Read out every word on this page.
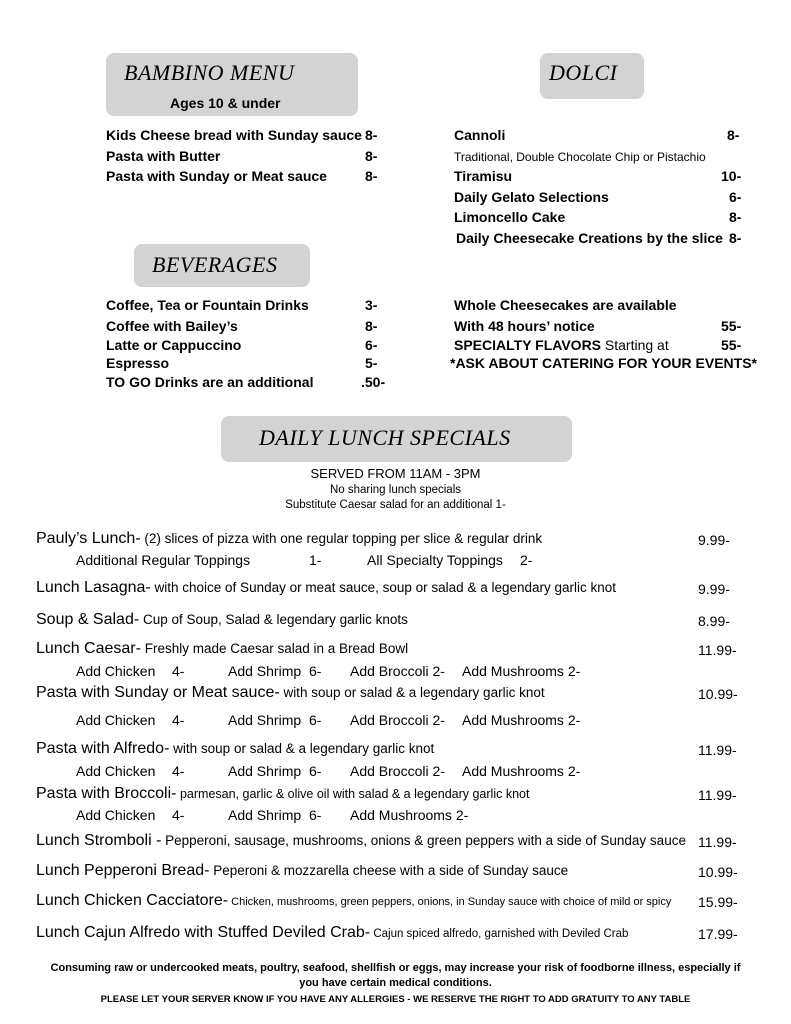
BAMBINO MENU
Ages 10 & under
Kids Cheese bread with Sunday sauce 8-
Pasta with Butter	8-
Pasta with Sunday or Meat sauce	8-
DOLCI
Cannoli	8-
Traditional, Double Chocolate Chip or Pistachio
Tiramisu	10-
Daily Gelato Selections	6-
Limoncello Cake	8-
Daily Cheesecake Creations by the slice 8-
BEVERAGES
Coffee, Tea or Fountain Drinks	3-
Coffee with Bailey’s	8-
Latte or Cappuccino	6-
Espresso	5-
TO GO Drinks are an additional	.50-
Whole Cheesecakes are available
With 48 hours’ notice	55-
SPECIALTY FLAVORS Starting at	55-
*ASK ABOUT CATERING FOR YOUR EVENTS*
DAILY LUNCH SPECIALS
SERVED FROM 11AM - 3PM
No sharing lunch specials
Substitute Caesar salad for an additional 1-
Pauly’s Lunch- (2) slices of pizza with one regular topping per slice & regular drink	9.99-
Additional Regular Toppings	1-	All Specialty Toppings 2-
Lunch Lasagna- with choice of Sunday or meat sauce, soup or salad & a legendary garlic knot	9.99-
Soup & Salad- Cup of Soup, Salad & legendary garlic knots	8.99-
Lunch Caesar- Freshly made Caesar salad in a Bread Bowl	11.99-
Add Chicken 4-	Add Shrimp 6- Add Broccoli 2- Add Mushrooms 2-
Pasta with Sunday or Meat sauce- with soup or salad & a legendary garlic knot	10.99-
Add Chicken 4-	Add Shrimp 6- Add Broccoli 2- Add Mushrooms 2-
Pasta with Alfredo- with soup or salad & a legendary garlic knot	11.99-
Add Chicken 4-	Add Shrimp 6- Add Broccoli 2- Add Mushrooms 2-
Pasta with Broccoli- parmesan, garlic & olive oil with salad & a legendary garlic knot	11.99-
Add Chicken 4-	Add Shrimp 6- Add Mushrooms 2-
Lunch Stromboli - Pepperoni, sausage, mushrooms, onions & green peppers with a side of Sunday sauce 11.99-
Lunch Pepperoni Bread- Peperoni & mozzarella cheese with a side of Sunday sauce	10.99-
Lunch Chicken Cacciatore- Chicken, mushrooms, green peppers, onions, in Sunday sauce with choice of mild or spicy 15.99-
Lunch Cajun Alfredo with Stuffed Deviled Crab- Cajun spiced alfredo, garnished with Deviled Crab	17.99-
Consuming raw or undercooked meats, poultry, seafood, shellfish or eggs, may increase your risk of foodborne illness, especially if you have certain medical conditions.
PLEASE LET YOUR SERVER KNOW IF YOU HAVE ANY ALLERGIES - WE RESERVE THE RIGHT TO ADD GRATUITY TO ANY TABLE
